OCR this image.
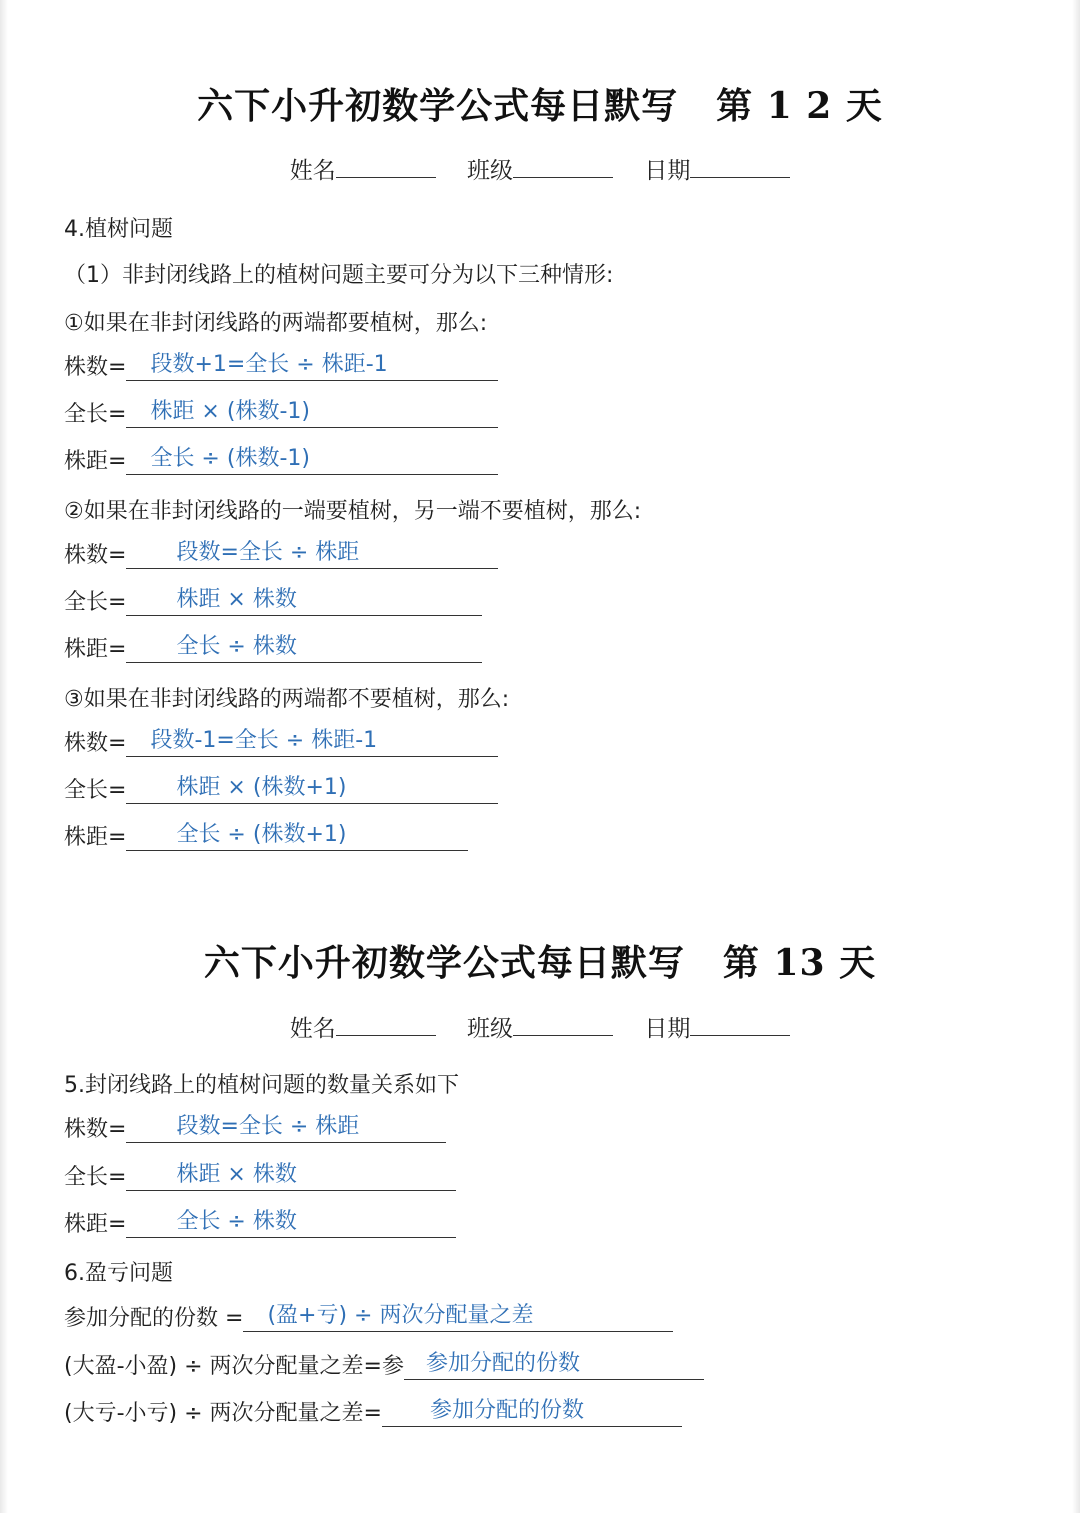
六下小升初数学公式每日默写 第 1 2 天
姓名	班级	日期
4.植树问题
（1）非封闭线路上的植树问题主要可分为以下三种情形:
①如果在非封闭线路的两端都要植树，那么:
株数= 段数+1=全长 ÷ 株距-1
全长= 株距 × (株数-1)
株距= 全长 ÷ (株数-1)
②如果在非封闭线路的一端要植树，另一端不要植树，那么:
株数= 段数=全长 ÷ 株距
全长= 株距 × 株数
株距= 全长 ÷ 株数
③如果在非封闭线路的两端都不要植树，那么:
株数= 段数-1=全长 ÷ 株距-1
全长= 株距 × (株数+1)
株距= 全长 ÷ (株数+1)
六下小升初数学公式每日默写 第 13 天
姓名	班级	日期
5.封闭线路上的植树问题的数量关系如下
株数= 段数=全长 ÷ 株距
全长= 株距 × 株数
株距= 全长 ÷ 株数
6.盈亏问题
参加分配的份数 = (盈+亏) ÷ 两次分配量之差
(大盈-小盈) ÷ 两次分配量之差=参 参加分配的份数
(大亏-小亏) ÷ 两次分配量之差= 参加分配的份数
